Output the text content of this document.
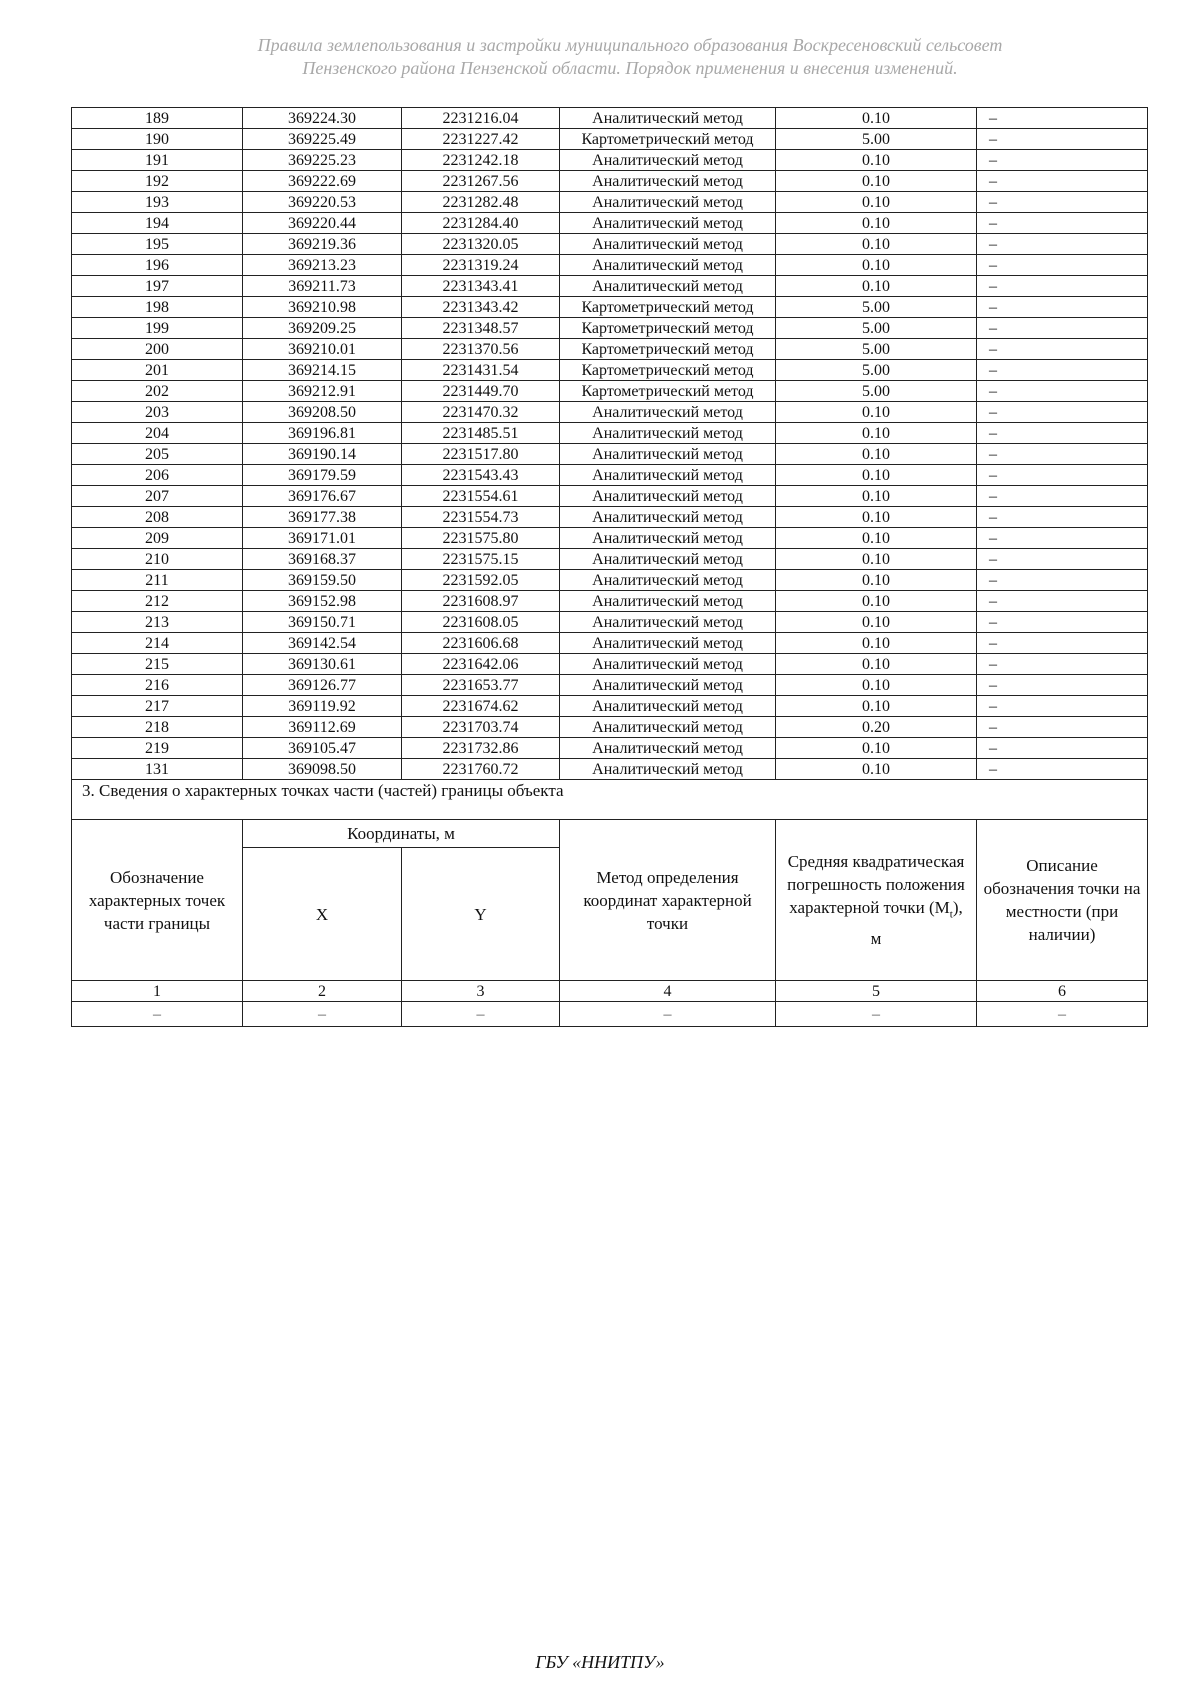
Правила землепользования и застройки муниципального образования Воскресеновский сельсовет
Пензенского района Пензенской области. Порядок применения и внесения изменений.
189	369224.30	2231216.04	Аналитический метод	0.10	–
190	369225.49	2231227.42	Картометрический метод	5.00	–
191	369225.23	2231242.18	Аналитический метод	0.10	–
192	369222.69	2231267.56	Аналитический метод	0.10	–
193	369220.53	2231282.48	Аналитический метод	0.10	–
194	369220.44	2231284.40	Аналитический метод	0.10	–
195	369219.36	2231320.05	Аналитический метод	0.10	–
196	369213.23	2231319.24	Аналитический метод	0.10	–
197	369211.73	2231343.41	Аналитический метод	0.10	–
198	369210.98	2231343.42	Картометрический метод	5.00	–
199	369209.25	2231348.57	Картометрический метод	5.00	–
200	369210.01	2231370.56	Картометрический метод	5.00	–
201	369214.15	2231431.54	Картометрический метод	5.00	–
202	369212.91	2231449.70	Картометрический метод	5.00	–
203	369208.50	2231470.32	Аналитический метод	0.10	–
204	369196.81	2231485.51	Аналитический метод	0.10	–
205	369190.14	2231517.80	Аналитический метод	0.10	–
206	369179.59	2231543.43	Аналитический метод	0.10	–
207	369176.67	2231554.61	Аналитический метод	0.10	–
208	369177.38	2231554.73	Аналитический метод	0.10	–
209	369171.01	2231575.80	Аналитический метод	0.10	–
210	369168.37	2231575.15	Аналитический метод	0.10	–
211	369159.50	2231592.05	Аналитический метод	0.10	–
212	369152.98	2231608.97	Аналитический метод	0.10	–
213	369150.71	2231608.05	Аналитический метод	0.10	–
214	369142.54	2231606.68	Аналитический метод	0.10	–
215	369130.61	2231642.06	Аналитический метод	0.10	–
216	369126.77	2231653.77	Аналитический метод	0.10	–
217	369119.92	2231674.62	Аналитический метод	0.10	–
218	369112.69	2231703.74	Аналитический метод	0.20	–
219	369105.47	2231732.86	Аналитический метод	0.10	–
131	369098.50	2231760.72	Аналитический метод	0.10	–
3. Сведения о характерных точках части (частей) границы объекта					
Обозначение характерных точек части границы	Координаты, м		Метод определения координат характерной точки	Средняя квадратическая погрешность положения характерной точки $(M_t)$, м	Описание обозначения точки на местности (при наличии)
	X	Y			
1	2	3	4	5	6
–	–	–	–	–	–
ГБУ «ННИТПУ»
